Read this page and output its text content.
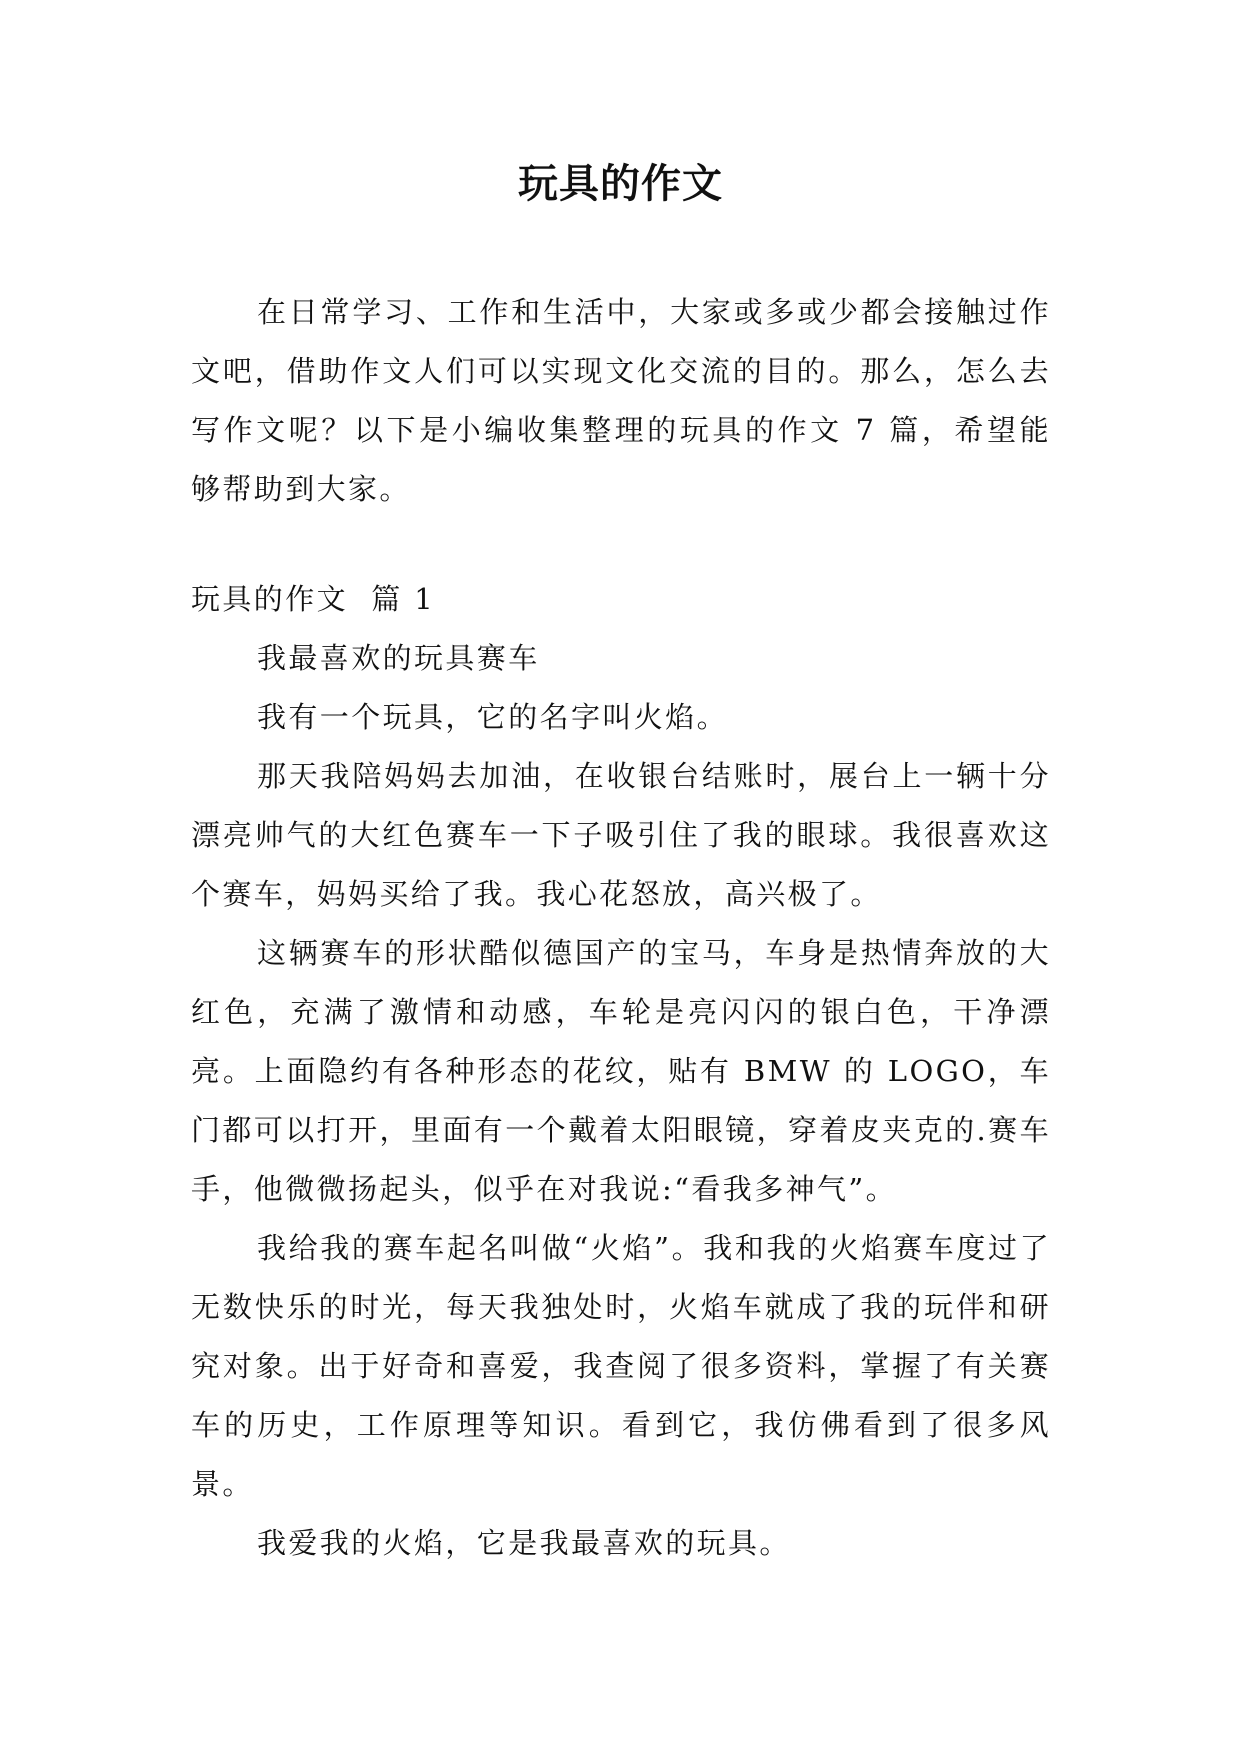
玩具的作文

在日常学习、工作和生活中，大家或多或少都会接触过作文吧，借助作文人们可以实现文化交流的目的。那么，怎么去写作文呢？以下是小编收集整理的玩具的作文 7 篇，希望能够帮助到大家。

玩具的作文  篇 1

我最喜欢的玩具赛车

我有一个玩具，它的名字叫火焰。

那天我陪妈妈去加油，在收银台结账时，展台上一辆十分漂亮帅气的大红色赛车一下子吸引住了我的眼球。我很喜欢这个赛车，妈妈买给了我。我心花怒放，高兴极了。

这辆赛车的形状酷似德国产的宝马，车身是热情奔放的大红色，充满了激情和动感，车轮是亮闪闪的银白色，干净漂亮。上面隐约有各种形态的花纹，贴有 BMW 的 LOGO，车门都可以打开，里面有一个戴着太阳眼镜，穿着皮夹克的.赛车手，他微微扬起头，似乎在对我说:“看我多神气”。

我给我的赛车起名叫做“火焰”。我和我的火焰赛车度过了无数快乐的时光，每天我独处时，火焰车就成了我的玩伴和研究对象。出于好奇和喜爱，我查阅了很多资料，掌握了有关赛车的历史，工作原理等知识。看到它，我仿佛看到了很多风景。

我爱我的火焰，它是我最喜欢的玩具。
